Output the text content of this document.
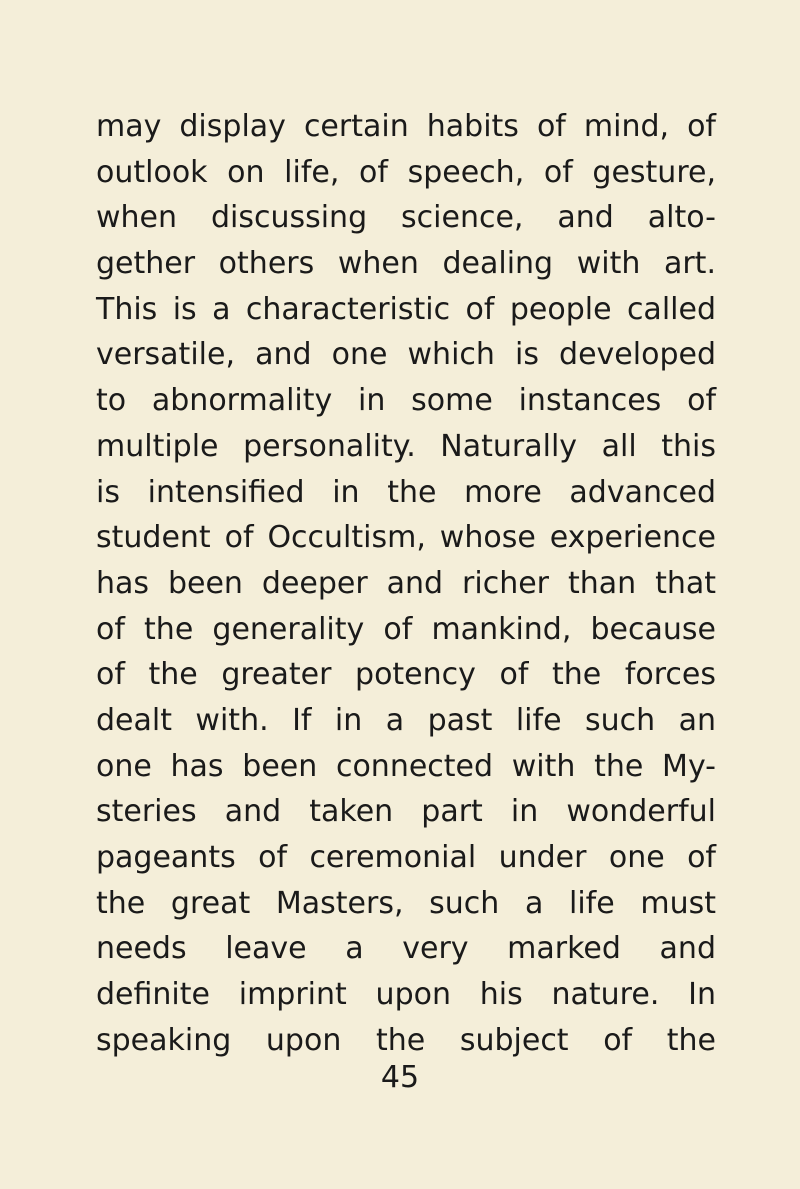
may display certain habits of mind, of
outlook on life, of speech, of gesture,
when discussing science, and alto-
gether others when dealing with art.
This is a characteristic of people called
versatile, and one which is developed
to abnormality in some instances of
multiple personality. Naturally all this
is intensified in the more advanced
student of Occultism, whose experience
has been deeper and richer than that
of the generality of mankind, because
of the greater potency of the forces
dealt with. If in a past life such an
one has been connected with the My-
steries and taken part in wonderful
pageants of ceremonial under one of
the great Masters, such a life must
needs leave a very marked and
definite imprint upon his nature. In
speaking upon the subject of the
45
